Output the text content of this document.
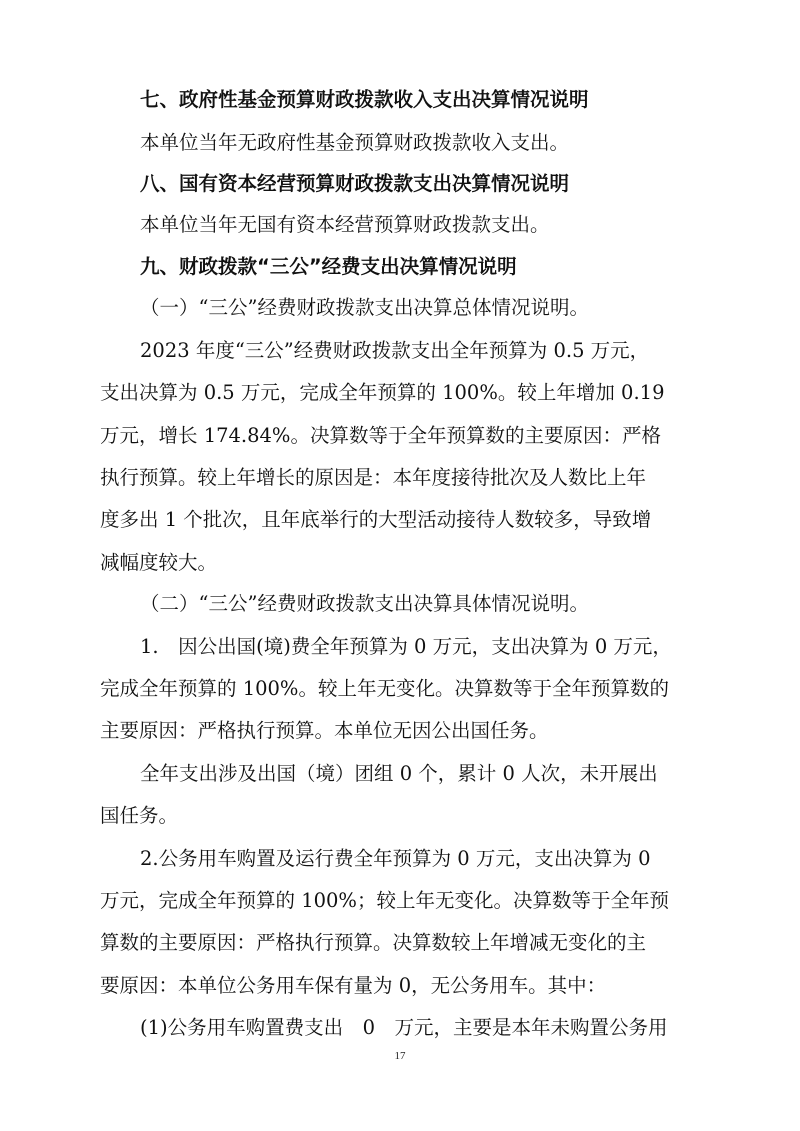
七、政府性基金预算财政拨款收入支出决算情况说明
本单位当年无政府性基金预算财政拨款收入支出。
八、国有资本经营预算财政拨款支出决算情况说明
本单位当年无国有资本经营预算财政拨款支出。
九、财政拨款“三公”经费支出决算情况说明
（一）“三公”经费财政拨款支出决算总体情况说明。
2023 年度“三公”经费财政拨款支出全年预算为 0.5 万元，
支出决算为 0.5 万元，完成全年预算的 100%。较上年增加 0.19
万元，增长 174.84%。决算数等于全年预算数的主要原因：严格
执行预算。较上年增长的原因是：本年度接待批次及人数比上年
度多出 1 个批次，且年底举行的大型活动接待人数较多，导致增
减幅度较大。
（二）“三公”经费财政拨款支出决算具体情况说明。
1.　因公出国(境)费全年预算为 0 万元，支出决算为 0 万元，
完成全年预算的 100%。较上年无变化。决算数等于全年预算数的
主要原因：严格执行预算。本单位无因公出国任务。
全年支出涉及出国（境）团组 0 个，累计 0 人次，未开展出
国任务。
2.公务用车购置及运行费全年预算为 0 万元，支出决算为 0
万元，完成全年预算的 100%；较上年无变化。决算数等于全年预
算数的主要原因：严格执行预算。决算数较上年增减无变化的主
要原因：本单位公务用车保有量为 0，无公务用车。其中：
(1)公务用车购置费支出　0　万元，主要是本年未购置公务用
17
